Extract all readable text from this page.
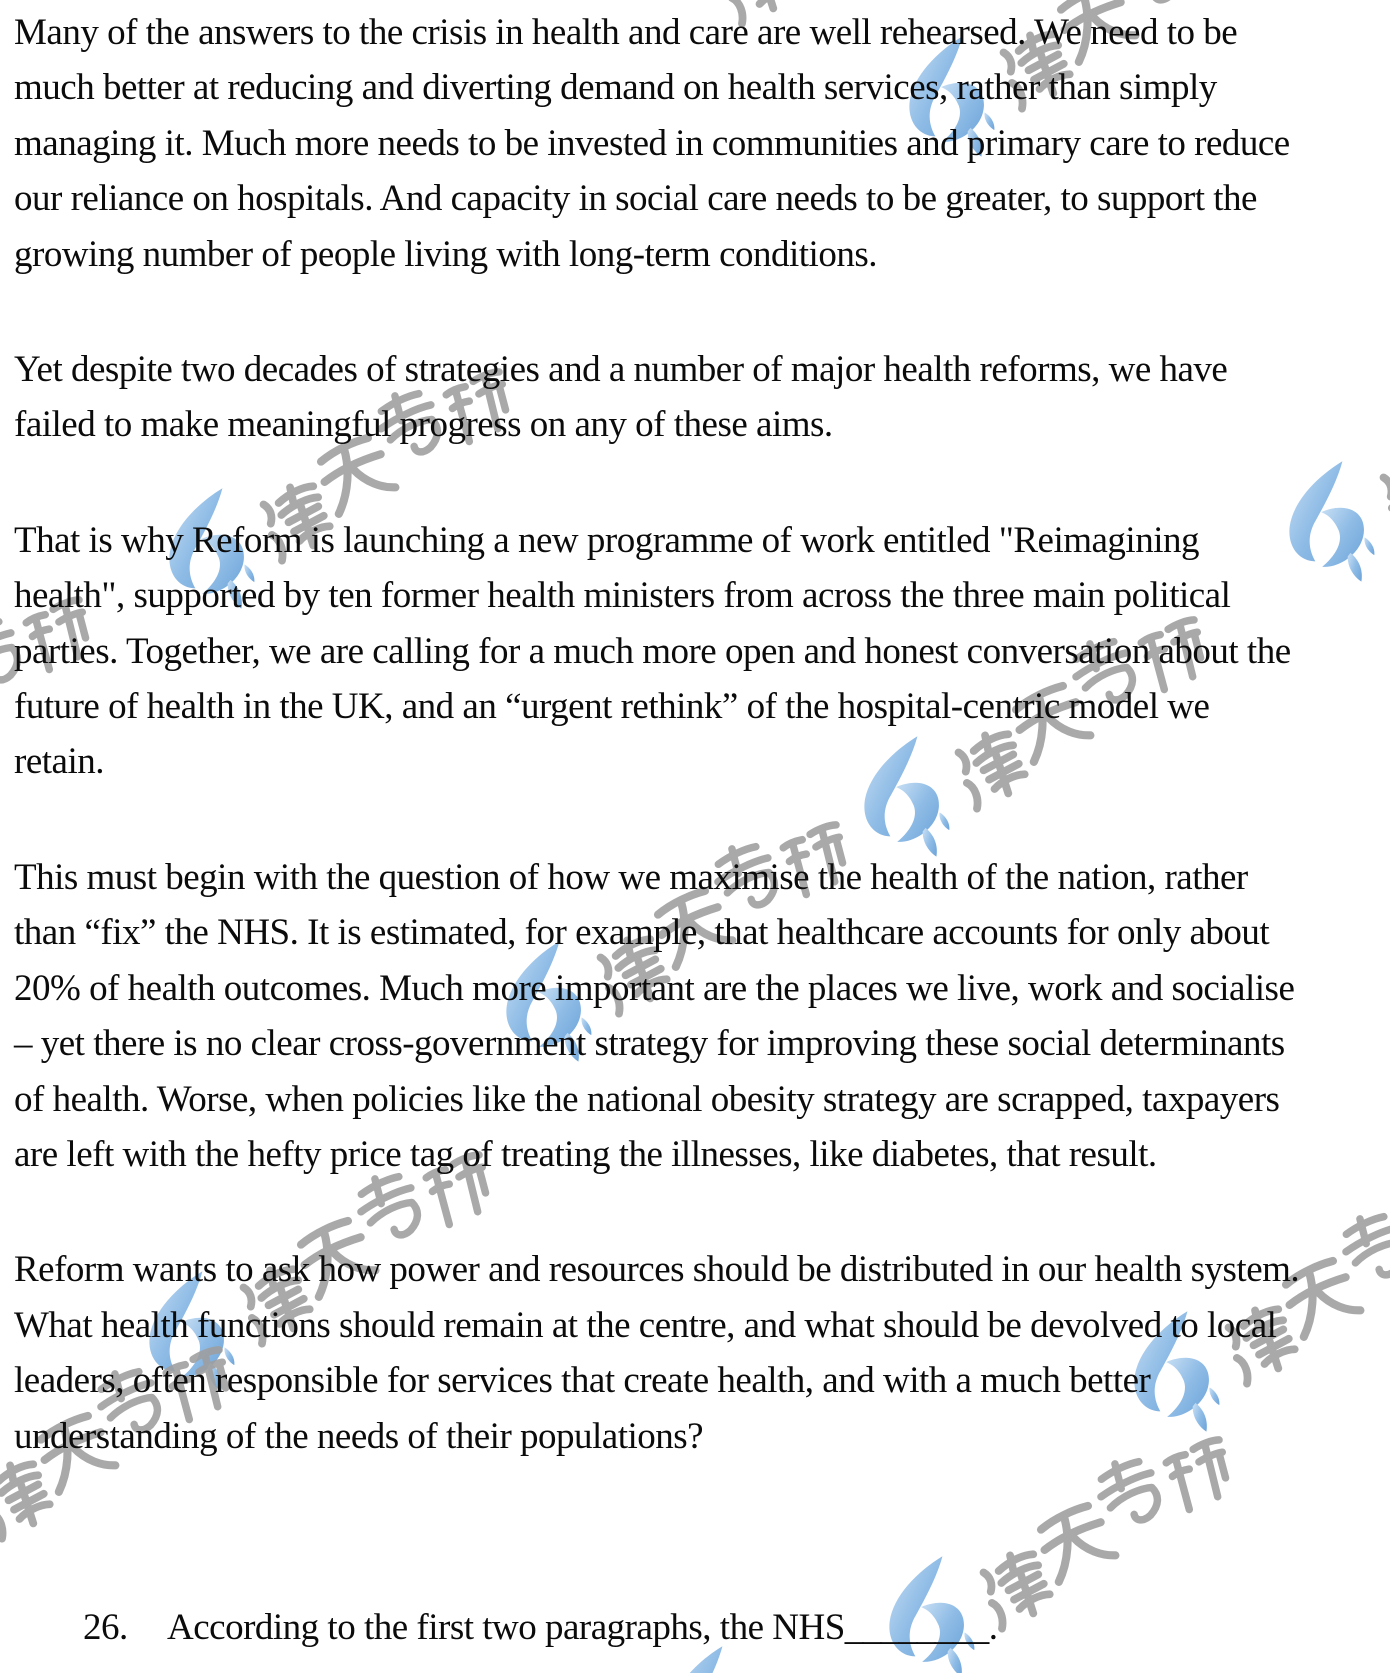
Many of the answers to the crisis in health and care are well rehearsed. We need to be
much better at reducing and diverting demand on health services, rather than simply
managing it. Much more needs to be invested in communities and primary care to reduce
our reliance on hospitals. And capacity in social care needs to be greater, to support the
growing number of people living with long-term conditions.

Yet despite two decades of strategies and a number of major health reforms, we have
failed to make meaningful progress on any of these aims.

That is why Reform is launching a new programme of work entitled "Reimagining
health", supported by ten former health ministers from across the three main political
parties. Together, we are calling for a much more open and honest conversation about the
future of health in the UK, and an “urgent rethink” of the hospital-centric model we
retain.

This must begin with the question of how we maximise the health of the nation, rather
than “fix” the NHS. It is estimated, for example, that healthcare accounts for only about
20% of health outcomes. Much more important are the places we live, work and socialise
– yet there is no clear cross-government strategy for improving these social determinants
of health. Worse, when policies like the national obesity strategy are scrapped, taxpayers
are left with the hefty price tag of treating the illnesses, like diabetes, that result.

Reform wants to ask how power and resources should be distributed in our health system.
What health functions should remain at the centre, and what should be devolved to local
leaders, often responsible for services that create health, and with a much better
understanding of the needs of their populations?

26. According to the first two paragraphs, the NHS________.
